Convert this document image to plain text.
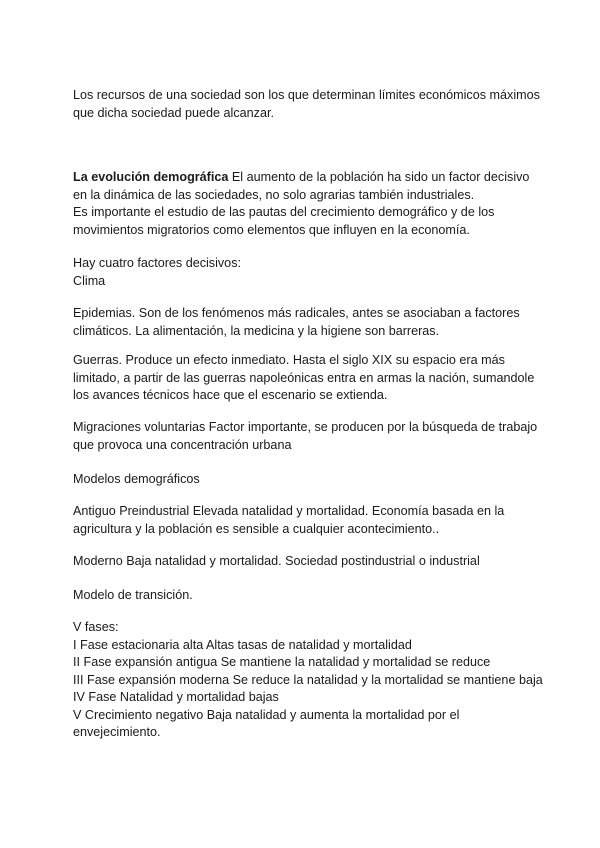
Los recursos de una sociedad son los que determinan límites económicos máximos

que dicha sociedad puede alcanzar.

La evolución demográfica El aumento de la población ha sido un factor decisivo

en la dinámica de las sociedades, no solo agrarias también industriales.

Es importante el estudio de las pautas del crecimiento demográfico y de los

movimientos migratorios como elementos que influyen en la economía.

Hay cuatro factores decisivos:

Clima

Epidemias. Son de los fenómenos más radicales, antes se asociaban a factores

climáticos. La alimentación, la medicina y la higiene son barreras.

Guerras. Produce un efecto inmediato. Hasta el siglo XIX su espacio era más

limitado, a partir de las guerras napoleónicas entra en armas la nación, sumandole

los avances técnicos hace que el escenario se extienda.

Migraciones voluntarias Factor importante, se producen por la búsqueda de trabajo

que provoca una concentración urbana

Modelos demográficos

Antiguo Preindustrial Elevada natalidad y mortalidad. Economía basada en la

agricultura y la población es sensible a cualquier acontecimiento..

Moderno Baja natalidad y mortalidad. Sociedad postindustrial o industrial

Modelo de transición.

V fases:

I Fase estacionaria alta Altas tasas de natalidad y mortalidad

II Fase expansión antigua Se mantiene la natalidad y mortalidad se reduce

III Fase expansión moderna Se reduce la natalidad y la mortalidad se mantiene baja

IV Fase Natalidad y mortalidad bajas

V Crecimiento negativo Baja natalidad y aumenta la mortalidad por el

envejecimiento.
